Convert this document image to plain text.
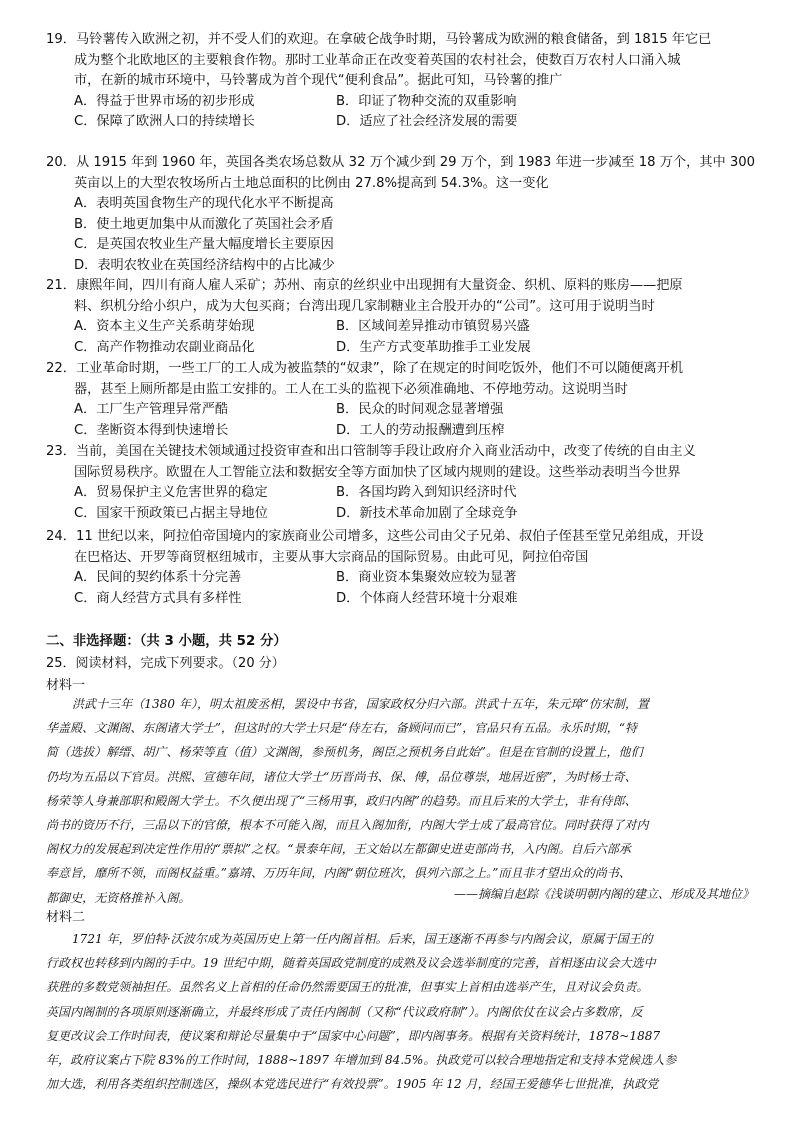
19．马铃薯传入欧洲之初，并不受人们的欢迎。在拿破仑战争时期，马铃薯成为欧洲的粮食储备，到 1815 年它已
成为整个北欧地区的主要粮食作物。那时工业革命正在改变着英国的农村社会，使数百万农村人口涌入城
市，在新的城市环境中，马铃薯成为首个现代“便利食品”。据此可知，马铃薯的推广
A．得益于世界市场的初步形成	B．印证了物种交流的双重影响
C．保障了欧洲人口的持续增长	D．适应了社会经济发展的需要
20．从 1915 年到 1960 年，英国各类农场总数从 32 万个减少到 29 万个，到 1983 年进一步减至 18 万个，其中 300
英亩以上的大型农牧场所占土地总面积的比例由 27.8%提高到 54.3%。这一变化
A．表明英国食物生产的现代化水平不断提高
B．使土地更加集中从而激化了英国社会矛盾
C．是英国农牧业生产量大幅度增长主要原因
D．表明农牧业在英国经济结构中的占比减少
21．康熙年间，四川有商人雇人采矿；苏州、南京的丝织业中出现拥有大量资金、织机、原料的账房——把原
料、织机分给小织户，成为大包买商；台湾出现几家制糖业主合股开办的“公司”。这可用于说明当时
A．资本主义生产关系萌芽始现	B．区域间差异推动市镇贸易兴盛
C．高产作物推动农副业商品化	D．生产方式变革助推手工业发展
22．工业革命时期，一些工厂的工人成为被监禁的“奴隶”，除了在规定的时间吃饭外，他们不可以随便离开机
器，甚至上厕所都是由监工安排的。工人在工头的监视下必须准确地、不停地劳动。这说明当时
A．工厂生产管理异常严酷	B．民众的时间观念显著增强
C．垄断资本得到快速增长	D．工人的劳动报酬遭到压榨
23．当前，美国在关键技术领域通过投资审查和出口管制等手段让政府介入商业活动中，改变了传统的自由主义
国际贸易秩序。欧盟在人工智能立法和数据安全等方面加快了区域内规则的建设。这些举动表明当今世界
A．贸易保护主义危害世界的稳定	B．各国均跨入到知识经济时代
C．国家干预政策已占据主导地位	D．新技术革命加剧了全球竞争
24．11 世纪以来，阿拉伯帝国境内的家族商业公司增多，这些公司由父子兄弟、叔伯子侄甚至堂兄弟组成，开设
在巴格达、开罗等商贸枢纽城市，主要从事大宗商品的国际贸易。由此可见，阿拉伯帝国
A．民间的契约体系十分完善	B．商业资本集聚效应较为显著
C．商人经营方式具有多样性	D．个体商人经营环境十分艰难
二、非选择题：（共 3 小题，共 52 分）
25．阅读材料，完成下列要求。（20 分）
材料一
洪武十三年（1380 年），明太祖废丞相，罢设中书省，国家政权分归六部。洪武十五年，朱元璋“仿宋制，置
华盖殿、文渊阁、东阁诸大学士”，但这时的大学士只是“侍左右，备顾问而已”，官品只有五品。永乐时期，“特
简（选拔）解缙、胡广、杨荣等直（值）文渊阁，参预机务，阁臣之预机务自此始”。但是在官制的设置上，他们
仍均为五品以下官员。洪熙、宣德年间，诸位大学士“历晋尚书、保、傅，品位尊崇，地居近密”，为时杨士奇、
杨荣等人身兼部职和殿阁大学士。不久便出现了“三杨用事，政归内阁”的趋势。而且后来的大学士，非有侍郎、
尚书的资历不行，三品以下的官僚，根本不可能入阁，而且入阁加衔，内阁大学士成了最高官位。同时获得了对内
阁权力的发展起到决定性作用的“票拟”之权。“景泰年间，王文始以左都御史进吏部尚书，入内阁。自后六部承
奉意旨，靡所不领，而阁权益重。”嘉靖、万历年间，内阁“朝位班次，俱列六部之上。”而且非才望出众的尚书、
都御史，无资格推补入阁。	——摘编自赵踪《浅谈明朝内阁的建立、形成及其地位》
材料二
1721 年，罗伯特·沃波尔成为英国历史上第一任内阁首相。后来，国王逐渐不再参与内阁会议，原属于国王的
行政权也转移到内阁的手中。19 世纪中期，随着英国政党制度的成熟及议会选举制度的完善，首相逐由议会大选中
获胜的多数党领袖担任。虽然名义上首相的任命仍然需要国王的批准，但事实上首相由选举产生，且对议会负责。
英国内阁制的各项原则逐渐确立，并最终形成了责任内阁制（又称“代议政府制”）。内阁依仗在议会占多数席，反
复更改议会工作时间表，使议案和辩论尽量集中于“国家中心问题”，即内阁事务。根据有关资料统计，1878~1887
年，政府议案占下院 83%的工作时间，1888~1897 年增加到 84.5%。执政党可以较合理地指定和支持本党候选人参
加大选，利用各类组织控制选区，操纵本党选民进行“有效投票”。1905 年 12 月，经国王爱德华七世批准，执政党
